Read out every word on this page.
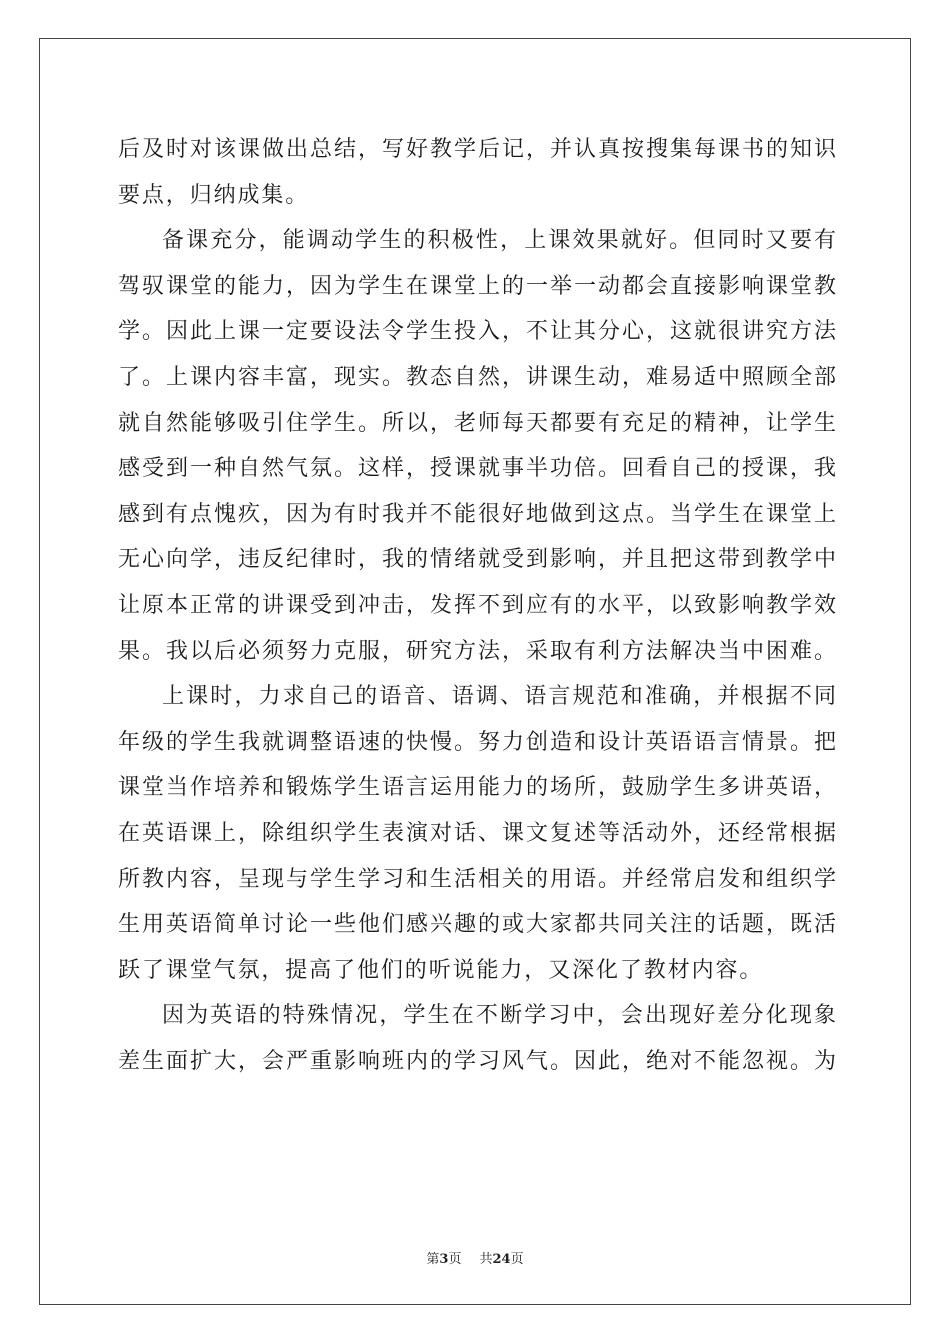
后及时对该课做出总结，写好教学后记，并认真按搜集每课书的知识
要点，归纳成集。
备课充分，能调动学生的积极性，上课效果就好。但同时又要有
驾驭课堂的能力，因为学生在课堂上的一举一动都会直接影响课堂教
学。因此上课一定要设法令学生投入，不让其分心，这就很讲究方法
了。上课内容丰富，现实。教态自然，讲课生动，难易适中照顾全部
就自然能够吸引住学生。所以，老师每天都要有充足的精神，让学生
感受到一种自然气氛。这样，授课就事半功倍。回看自己的授课，我
感到有点愧疚，因为有时我并不能很好地做到这点。当学生在课堂上
无心向学，违反纪律时，我的情绪就受到影响，并且把这带到教学中
让原本正常的讲课受到冲击，发挥不到应有的水平，以致影响教学效
果。我以后必须努力克服，研究方法，采取有利方法解决当中困难。
上课时，力求自己的语音、语调、语言规范和准确，并根据不同
年级的学生我就调整语速的快慢。努力创造和设计英语语言情景。把
课堂当作培养和锻炼学生语言运用能力的场所，鼓励学生多讲英语，
在英语课上，除组织学生表演对话、课文复述等活动外，还经常根据
所教内容，呈现与学生学习和生活相关的用语。并经常启发和组织学
生用英语简单讨论一些他们感兴趣的或大家都共同关注的话题，既活
跃了课堂气氛，提高了他们的听说能力，又深化了教材内容。
因为英语的特殊情况，学生在不断学习中，会出现好差分化现象
差生面扩大，会严重影响班内的学习风气。因此，绝对不能忽视。为
第3页 共24页
